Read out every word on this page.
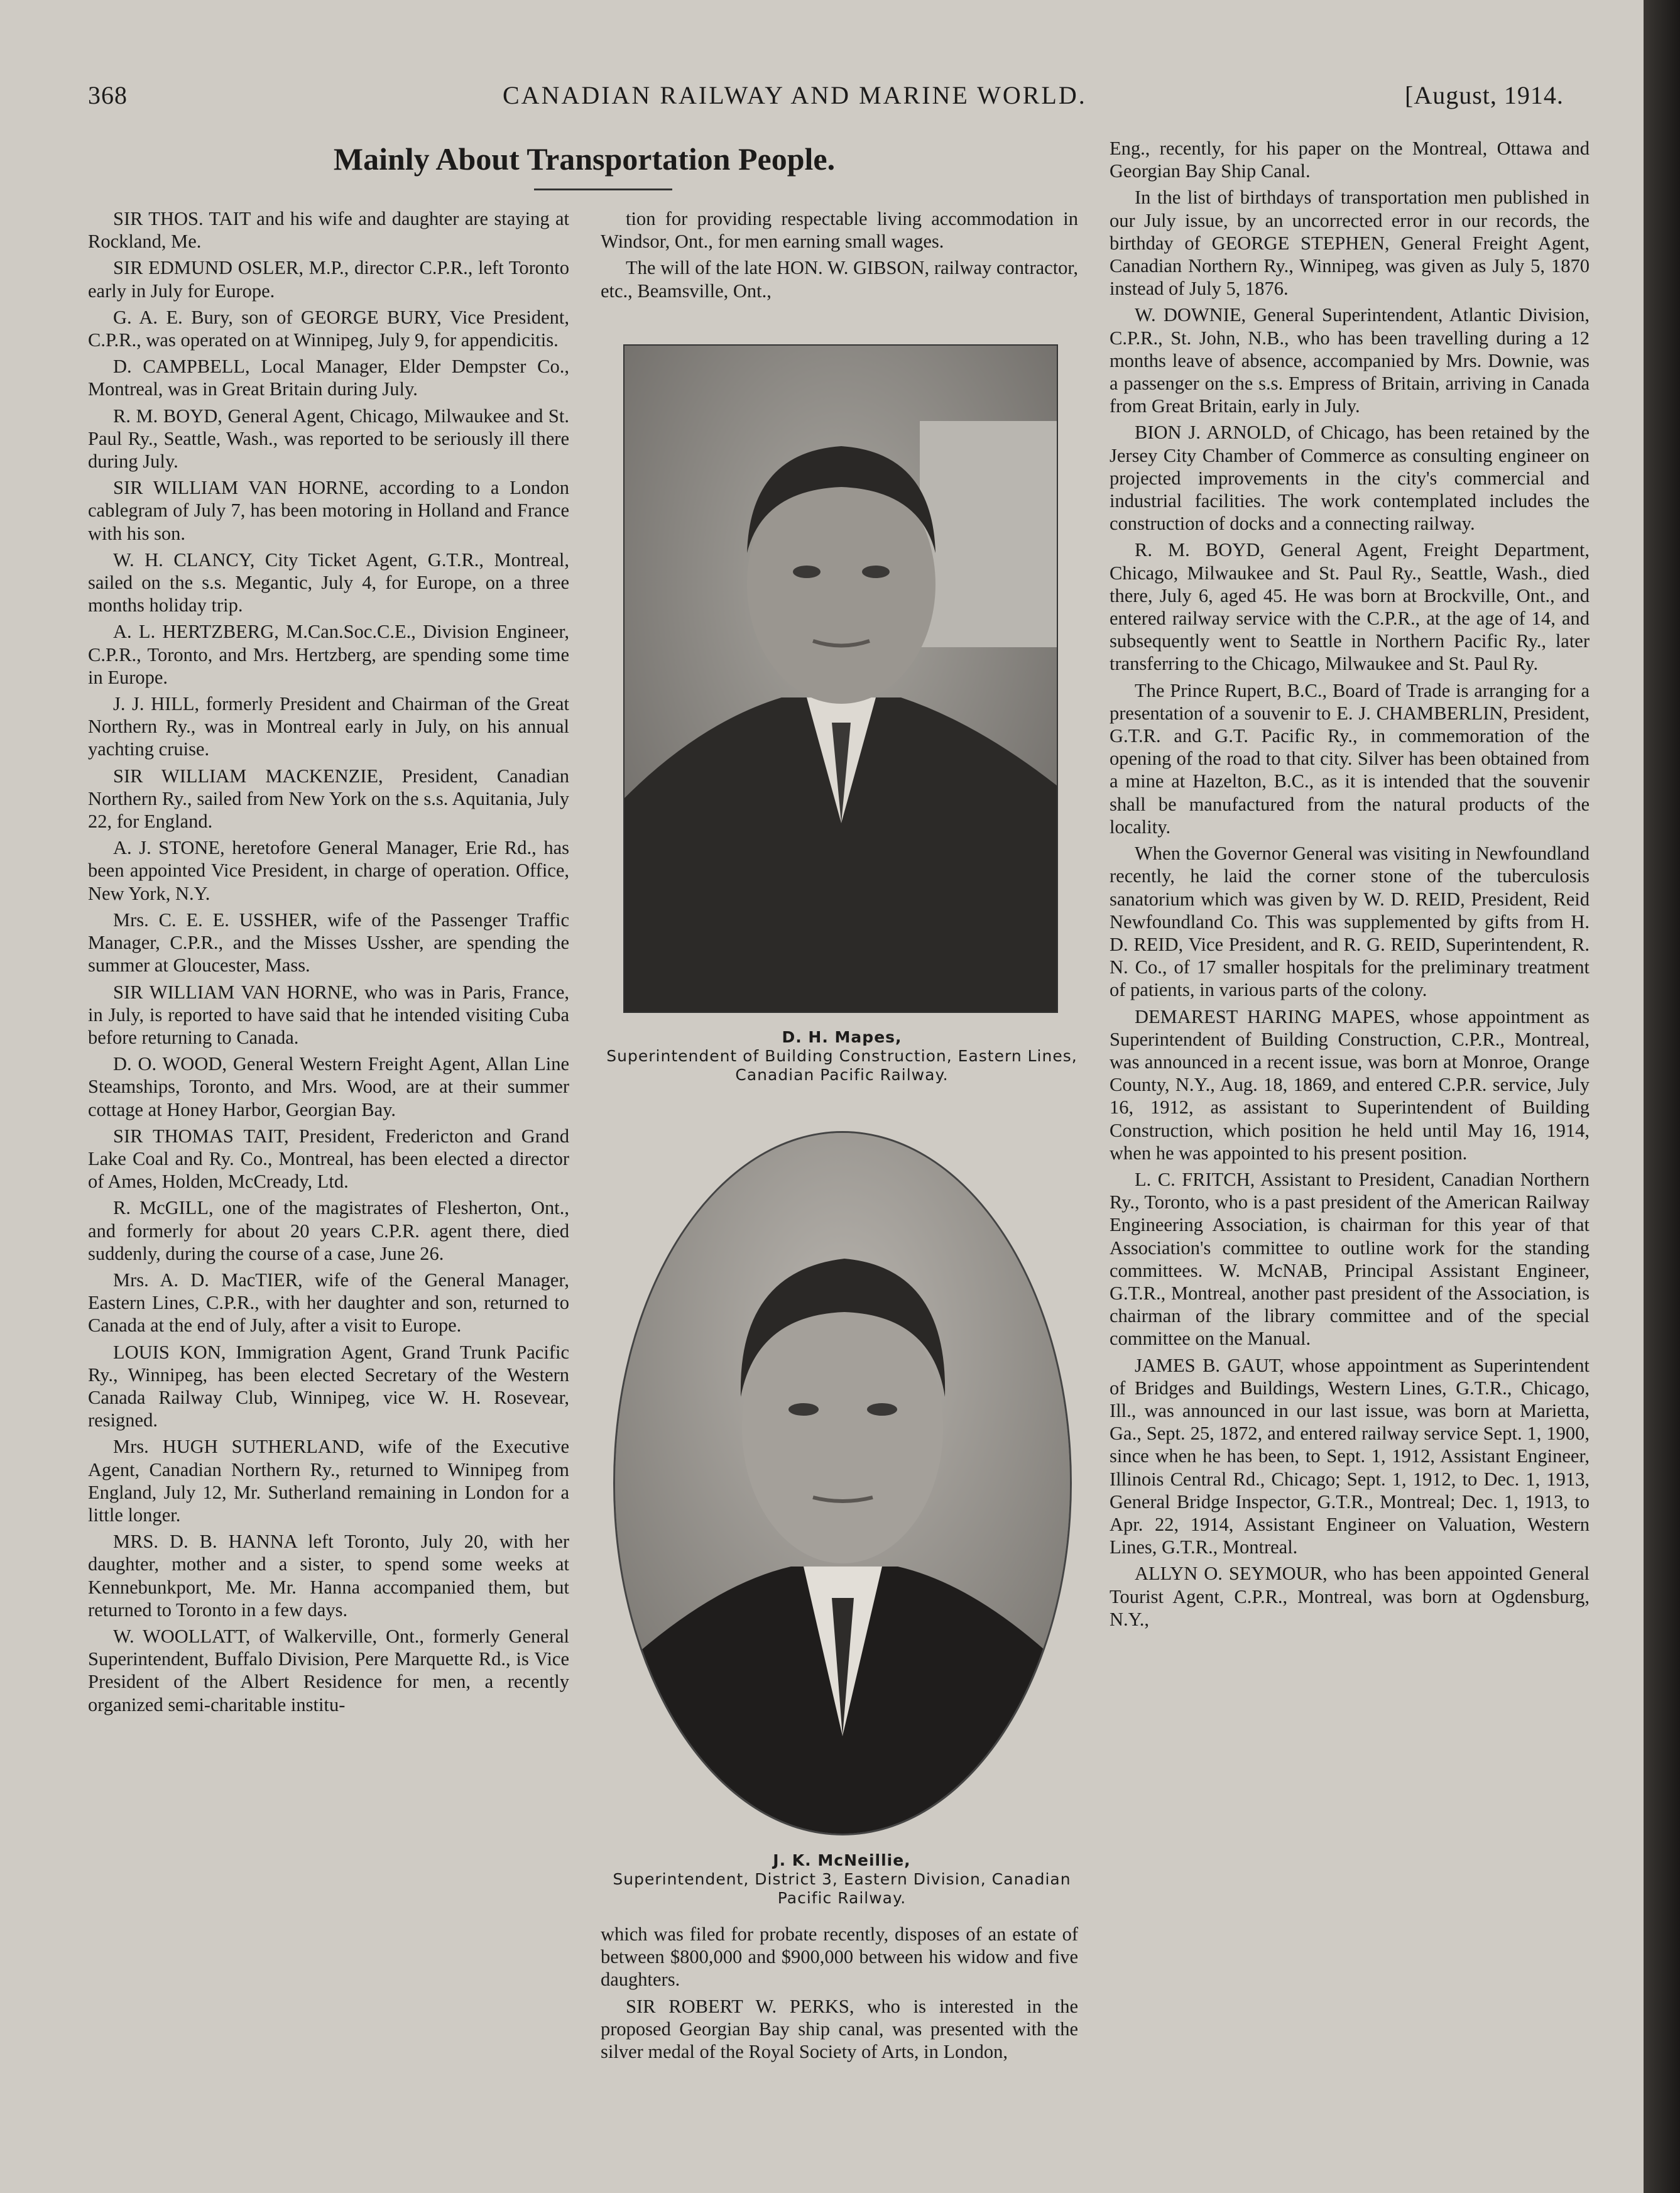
368	CANADIAN RAILWAY AND MARINE WORLD.	[August, 1914.
Mainly About Transportation People.

SIR THOS. TAIT and his wife and daughter are staying at Rockland, Me.

SIR EDMUND OSLER, M.P., director C.P.R., left Toronto early in July for Europe.

G. A. E. Bury, son of GEORGE BURY, Vice President, C.P.R., was operated on at Winnipeg, July 9, for appendicitis.

D. CAMPBELL, Local Manager, Elder Dempster Co., Montreal, was in Great Britain during July.

R. M. BOYD, General Agent, Chicago, Milwaukee and St. Paul Ry., Seattle, Wash., was reported to be seriously ill there during July.

SIR WILLIAM VAN HORNE, according to a London cablegram of July 7, has been motoring in Holland and France with his son.

W. H. CLANCY, City Ticket Agent, G.T.R., Montreal, sailed on the s.s. Megantic, July 4, for Europe, on a three months holiday trip.

A. L. HERTZBERG, M.Can.Soc.C.E., Division Engineer, C.P.R., Toronto, and Mrs. Hertzberg, are spending some time in Europe.

J. J. HILL, formerly President and Chairman of the Great Northern Ry., was in Montreal early in July, on his annual yachting cruise.

SIR WILLIAM MACKENZIE, President, Canadian Northern Ry., sailed from New York on the s.s. Aquitania, July 22, for England.

A. J. STONE, heretofore General Manager, Erie Rd., has been appointed Vice President, in charge of operation. Office, New York, N.Y.

Mrs. C. E. E. USSHER, wife of the Passenger Traffic Manager, C.P.R., and the Misses Ussher, are spending the summer at Gloucester, Mass.

SIR WILLIAM VAN HORNE, who was in Paris, France, in July, is reported to have said that he intended visiting Cuba before returning to Canada.

D. O. WOOD, General Western Freight Agent, Allan Line Steamships, Toronto, and Mrs. Wood, are at their summer cottage at Honey Harbor, Georgian Bay.

SIR THOMAS TAIT, President, Fredericton and Grand Lake Coal and Ry. Co., Montreal, has been elected a director of Ames, Holden, McCready, Ltd.

R. McGILL, one of the magistrates of Flesherton, Ont., and formerly for about 20 years C.P.R. agent there, died suddenly, during the course of a case, June 26.

Mrs. A. D. MacTIER, wife of the General Manager, Eastern Lines, C.P.R., with her daughter and son, returned to Canada at the end of July, after a visit to Europe.

LOUIS KON, Immigration Agent, Grand Trunk Pacific Ry., Winnipeg, has been elected Secretary of the Western Canada Railway Club, Winnipeg, vice W. H. Rosevear, resigned.

Mrs. HUGH SUTHERLAND, wife of the Executive Agent, Canadian Northern Ry., returned to Winnipeg from England, July 12, Mr. Sutherland remaining in London for a little longer.

MRS. D. B. HANNA left Toronto, July 20, with her daughter, mother and a sister, to spend some weeks at Kennebunkport, Me. Mr. Hanna accompanied them, but returned to Toronto in a few days.

W. WOOLLATT, of Walkerville, Ont., formerly General Superintendent, Buffalo Division, Pere Marquette Rd., is Vice President of the Albert Residence for men, a recently organized semi-charitable institu-

tion for providing respectable living accommodation in Windsor, Ont., for men earning small wages.

The will of the late HON. W. GIBSON, railway contractor, etc., Beamsville, Ont.,

D. H. Mapes,
Superintendent of Building Construction, Eastern Lines, Canadian Pacific Railway.
J. K. McNeillie,
Superintendent, District 3, Eastern Division, Canadian Pacific Railway.

which was filed for probate recently, disposes of an estate of between $800,000 and $900,000 between his widow and five daughters.

SIR ROBERT W. PERKS, who is interested in the proposed Georgian Bay ship canal, was presented with the silver medal of the Royal Society of Arts, in London,

Eng., recently, for his paper on the Montreal, Ottawa and Georgian Bay Ship Canal.

In the list of birthdays of transportation men published in our July issue, by an uncorrected error in our records, the birthday of GEORGE STEPHEN, General Freight Agent, Canadian Northern Ry., Winnipeg, was given as July 5, 1870 instead of July 5, 1876.

W. DOWNIE, General Superintendent, Atlantic Division, C.P.R., St. John, N.B., who has been travelling during a 12 months leave of absence, accompanied by Mrs. Downie, was a passenger on the s.s. Empress of Britain, arriving in Canada from Great Britain, early in July.

BION J. ARNOLD, of Chicago, has been retained by the Jersey City Chamber of Commerce as consulting engineer on projected improvements in the city's commercial and industrial facilities. The work contemplated includes the construction of docks and a connecting railway.

R. M. BOYD, General Agent, Freight Department, Chicago, Milwaukee and St. Paul Ry., Seattle, Wash., died there, July 6, aged 45. He was born at Brockville, Ont., and entered railway service with the C.P.R., at the age of 14, and subsequently went to Seattle in Northern Pacific Ry., later transferring to the Chicago, Milwaukee and St. Paul Ry.

The Prince Rupert, B.C., Board of Trade is arranging for a presentation of a souvenir to E. J. CHAMBERLIN, President, G.T.R. and G.T. Pacific Ry., in commemoration of the opening of the road to that city. Silver has been obtained from a mine at Hazelton, B.C., as it is intended that the souvenir shall be manufactured from the natural products of the locality.

When the Governor General was visiting in Newfoundland recently, he laid the corner stone of the tuberculosis sanatorium which was given by W. D. REID, President, Reid Newfoundland Co. This was supplemented by gifts from H. D. REID, Vice President, and R. G. REID, Superintendent, R. N. Co., of 17 smaller hospitals for the preliminary treatment of patients, in various parts of the colony.

DEMAREST HARING MAPES, whose appointment as Superintendent of Building Construction, C.P.R., Montreal, was announced in a recent issue, was born at Monroe, Orange County, N.Y., Aug. 18, 1869, and entered C.P.R. service, July 16, 1912, as assistant to Superintendent of Building Construction, which position he held until May 16, 1914, when he was appointed to his present position.

L. C. FRITCH, Assistant to President, Canadian Northern Ry., Toronto, who is a past president of the American Railway Engineering Association, is chairman for this year of that Association's committee to outline work for the standing committees. W. McNAB, Principal Assistant Engineer, G.T.R., Montreal, another past president of the Association, is chairman of the library committee and of the special committee on the Manual.

JAMES B. GAUT, whose appointment as Superintendent of Bridges and Buildings, Western Lines, G.T.R., Chicago, Ill., was announced in our last issue, was born at Marietta, Ga., Sept. 25, 1872, and entered railway service Sept. 1, 1900, since when he has been, to Sept. 1, 1912, Assistant Engineer, Illinois Central Rd., Chicago; Sept. 1, 1912, to Dec. 1, 1913, General Bridge Inspector, G.T.R., Montreal; Dec. 1, 1913, to Apr. 22, 1914, Assistant Engineer on Valuation, Western Lines, G.T.R., Montreal.

ALLYN O. SEYMOUR, who has been appointed General Tourist Agent, C.P.R., Montreal, was born at Ogdensburg, N.Y.,
